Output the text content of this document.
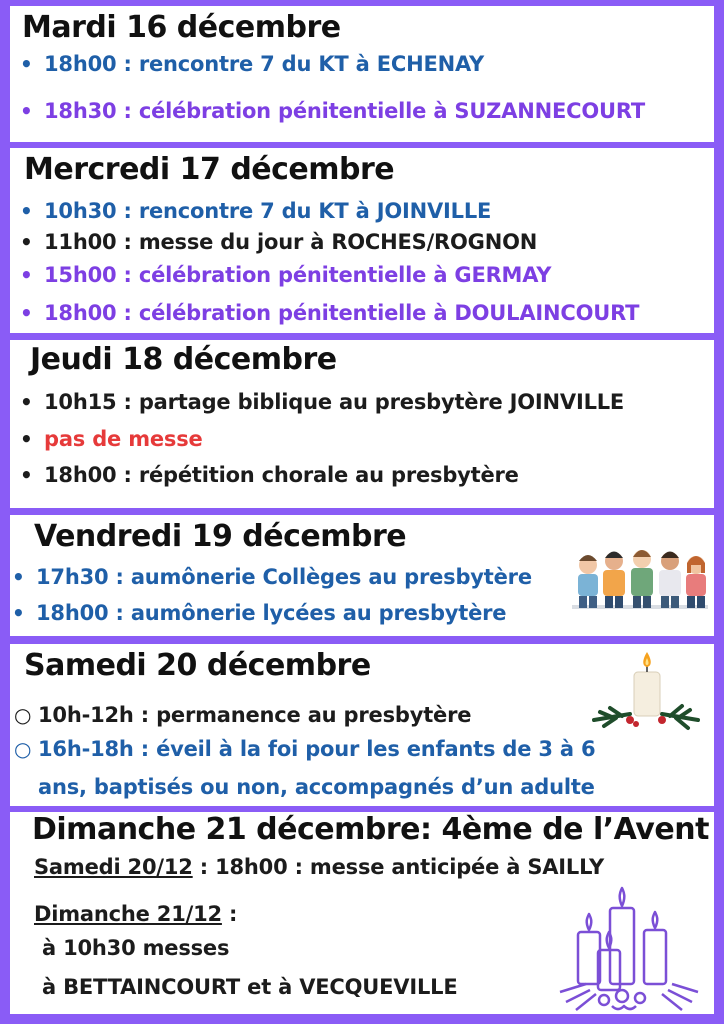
Mardi 16 décembre
• 18h00 : rencontre 7 du KT à ECHENAY
• 18h30 : célébration pénitentielle à SUZANNECOURT
Mercredi 17 décembre
• 10h30 : rencontre 7 du KT à JOINVILLE
• 11h00 : messe du jour à ROCHES/ROGNON
• 15h00 : célébration pénitentielle à GERMAY
• 18h00 : célébration pénitentielle à DOULAINCOURT
Jeudi 18 décembre
• 10h15 : partage biblique au presbytère JOINVILLE
• pas de messe
• 18h00 : répétition chorale au presbytère
Vendredi 19 décembre
• 17h30 : aumônerie Collèges au presbytère
• 18h00 : aumônerie lycées au presbytère
Samedi 20 décembre
○ 10h-12h : permanence au presbytère
○ 16h-18h : éveil à la foi pour les enfants de 3 à 6
ans, baptisés ou non, accompagnés d’un adulte
Dimanche 21 décembre: 4ème de l’Avent
Samedi 20/12 : 18h00 : messe anticipée à SAILLY
Dimanche 21/12 :
à 10h30 messes
à BETTAINCOURT et à VECQUEVILLE
